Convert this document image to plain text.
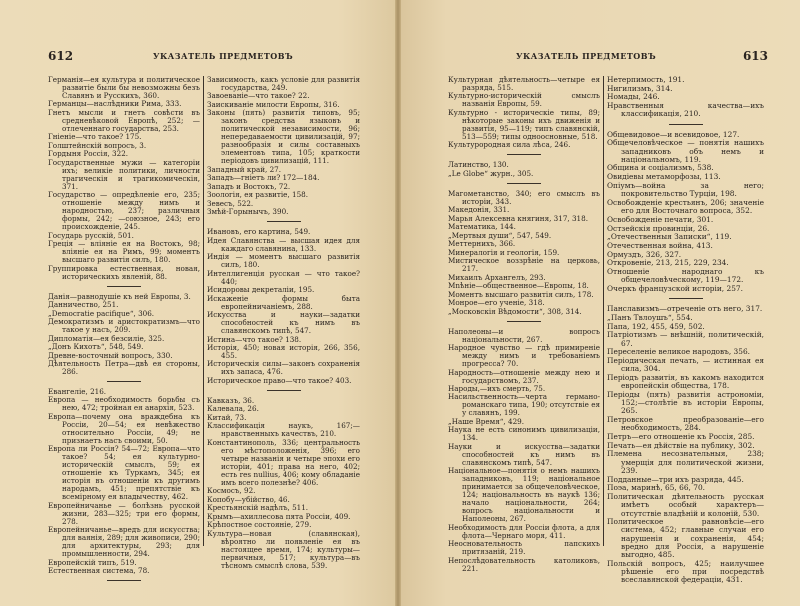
612	УКАЗАТЕЛЬ ПРЕДМЕТОВЪ
Германія—ея культура и политическое развитіе были бы невозможны безъ Славянъ и Русскихъ, 360.
Германцы—наслѣдники Рима, 333.
Гнетъ мысли и гнетъ совѣсти въ средневѣковой Европѣ, 252; — отлеченнаго государства, 253.
Гніеніе—что такое? 175.
Голштейнскій вопросъ, 3.
Гордыня Россія, 322.
Государственные мужи — категоріи ихъ; великіе политики, личности трагическія и трагикомическія, 371.
Государство — опредѣленіе его, 235; отношеніе между нимъ и народностью, 237; различныя формы, 242; —союзное, 243; его происхожденіе, 245.
Государь русскій, 501.
Греція — вліяніе ея на Востокъ, 98; вліяніе ея на Римъ, 99; моментъ высшаго развитія силъ, 180.
Группировка естественная, новая, историческихъ явленій, 88.
Данія—равнодушіе къ ней Европы, 3.
Данничество, 251.
„Democratie pacifique“, 306.
Демократизмъ и аристократизмъ—что такое у насъ, 209.
Дипломатія—ея безсиліе, 325.
„Донъ Кихотъ“, 548, 549.
Древне-восточный вопросъ, 330.
Дѣятельность Петра—двѣ ея стороны, 286.
Евангеліе, 216.
Европа — необходимость борьбы съ нею, 472; тройная ея анархія, 523.
Европа—почему она враждебна къ Россіи, 20—54; ея невѣжество относительно Россіи, 49; не признаетъ насъ своими, 50.
Европа ли Россія? 54—72; Европа—что такое? 54; ея культурно-историческій смыслъ, 59; ея отношеніе къ Туркамъ, 345; ея исторія въ отношеніи къ другимъ народамъ, 451; препятствіе къ всемірному ея владычеству, 462.
Европейничанье — болѣзнь русской жизни, 283—325; три его формы, 278.
Европейничанье—вредъ для искусства; для ваянія, 289; для живописи, 290; для архитектуры, 293; для промышленности, 294.
Европейскій типъ, 519.
Естественная система, 78.
Зависимость, какъ условіе для развитія государства, 249.
Завоеваніе—что такое? 22.
Заискиваніе милости Европы, 316.
Законы (пять) развитія типовъ, 95; законъ средства языковъ и политической независимости, 96; непередаваемости цивилизацій, 97; разнообразія и силы составныхъ элементовъ типа, 105; краткости періодовъ цивилизацій, 111.
Западный край, 27.
Западъ—гніетъ ли? 172—184.
Западъ и Востокъ, 72.
Зоологія, ея развитіе, 158.
Зевесъ, 522.
Змѣй-Горынычъ, 390.
Ивановъ, его картина, 549.
Идея Славянства — высшая идея для каждаго славянина, 133.
Индія — моментъ высшаго развитія силъ, 180.
Интеллигенція русская — что такое? 440;
Исидоровы декреталіи, 195.
Искаженіе формы быта европейничаніемъ, 288.
Искусства и науки—задатки способностей къ нимъ въ славянскомъ типѣ, 547.
Истина—что такое? 138.
Исторія, 450; новая исторія, 266, 356, 455.
Историческія силы—законъ сохраненія ихъ запаса, 476.
Историческое право—что такое? 403.
Кавказъ, 36.
Калевала, 26.
Китай, 73.
Классификація наукъ, 167;—нравственныхъ качествъ, 210.
Константинополь, 336; центральность его мѣстоположенія, 396; его четыре названія и четыре эпохи его исторіи, 401; права на него, 402; есть res nullius, 406; кому обладаніе имъ всего полезнѣе? 406.
Космосъ, 92.
Копобу—убійство, 46.
Крестьянскій надѣлъ, 511.
Крымъ—ахиллесова пята Россіи, 409.
Крѣпостное состояніе, 279.
Культура—новая (славянская), вѣроятно ли появленіе ея въ настоящее время, 174; культуры—первичныя, 517; культура—въ тѣсномъ смыслѣ слова, 539.
УКАЗАТЕЛЬ ПРЕДМЕТОВЪ	613
Культурная дѣятельность—четыре ея разряда, 515.
Культурно-историческій смыслъ названія Европы, 59.
Культурно - историческіе типы, 89; нѣкоторые законы ихъ движенія и развитія, 95—119; типъ славянскій, 513—559; типы одноосновные, 518.
Культуророднaя сила лѣса, 246.
Латинство, 130.
„Le Globe“ журн., 305.
Магометанство, 340; его смыслъ въ исторіи, 343.
Македонія, 331.
Марья Алексевна княгиня, 317, 318.
Математика, 144.
„Мертвыя души“, 547, 549.
Меттернихъ, 366.
Минералогія и геологія, 159.
Мистическое воззрѣніе на церковь, 217.
Михаилъ Архангелъ, 293.
Mnѣніе—общественное—Европы, 18.
Моментъ высшаго развитія силъ, 178.
Монрое—его ученіе, 318.
„Московскія Вѣдомости“, 308, 314.
Наполеоны—и вопросъ національности, 267.
Народное чувство — гдѣ примиреніе между нимъ и требованіемъ прогресса? 70.
Народность—отношеніе между нею и государствомъ, 237.
Народы,—ихъ смерть, 75.
Насильственность—черта германо-романскаго типа, 190; отсутствіе ея у славянъ, 199.
„Наше Время“, 429.
Наука не есть синонимъ цивилизаціи, 134.
Науки и искусства—задатки способностей къ нимъ въ славянскомъ типѣ, 547.
Національное—понятія о немъ нашихъ западниковъ, 119; національное принимается за общечеловѣческое, 124; національность въ наукѣ 136; начало національности, 264; вопросъ національности и Наполеоны, 267.
Необходимость для Россіи флота, а для флота—Чернаго моря, 411.
Неосновательность папскихъ притязаній, 219.
Непослѣдовательность католиковъ, 221.
Нетерпимость, 191.
Нигилизмъ, 314.
Номады, 246.
Нравственныя качества—ихъ классификація, 210.
Общевидовое—и всевидовое, 127.
Общечеловѣческое — понятія нашихъ западниковъ объ немъ и національномъ, 119.
Община и соціализмъ, 538.
Овидіевы метаморфозы, 113.
Опіумъ—война за него; покровительство Турціи, 198.
Освобожденіе крестьянъ, 206; значеніе его для Восточнаго вопроса, 352.
Освобожденіе печати, 301.
Остзейскія провинціи, 26.
„Отечественныя Записки“, 119.
Отечественная война, 413.
Ормуздъ, 326, 327.
Откровеніе, 213, 215, 229, 234.
Отношеніе народнаго къ общечеловѣческому, 119—172.
Очеркъ французской исторіи, 257.
Панславизмъ—отреченіе отъ него, 317.
„Панъ Твлоушъ“, 554.
Папа, 192, 455, 459, 502.
Патріотизмъ — внѣшній, политическій, 67.
Переселеніе великое народовъ, 356.
Періодическая печать, — истинная ея сила, 304.
Періодъ развитія, въ какомъ находится европейскія общества, 178.
Періоды (пять) развитія астрономіи, 152;—столѣтіе въ исторіи Европы, 265.
Петровское преобразованіе—его необходимость, 284.
Петръ—его отношеніе къ Россія, 285.
Печать—ея дѣйствіе на публику, 302.
Племена несознательныя, 238; умерщія для политической жизни, 239.
Подданные—три ихъ разряда, 445.
Поэа, маринѣ, 65, 66, 70.
Политическая дѣятельность русская имѣетъ особый характеръ—отсутствіе владѣній и колоній, 530.
Политическое равновѣсіе—его система, 452; главные случаи его нарушенія и сохраненія, 454; вредно для Россія, а нарушеніе выгодно, 485.
Польскій вопросъ, 425; наилучшее рѣшеніе его при посредствѣ всеславянской федераціи, 431.
